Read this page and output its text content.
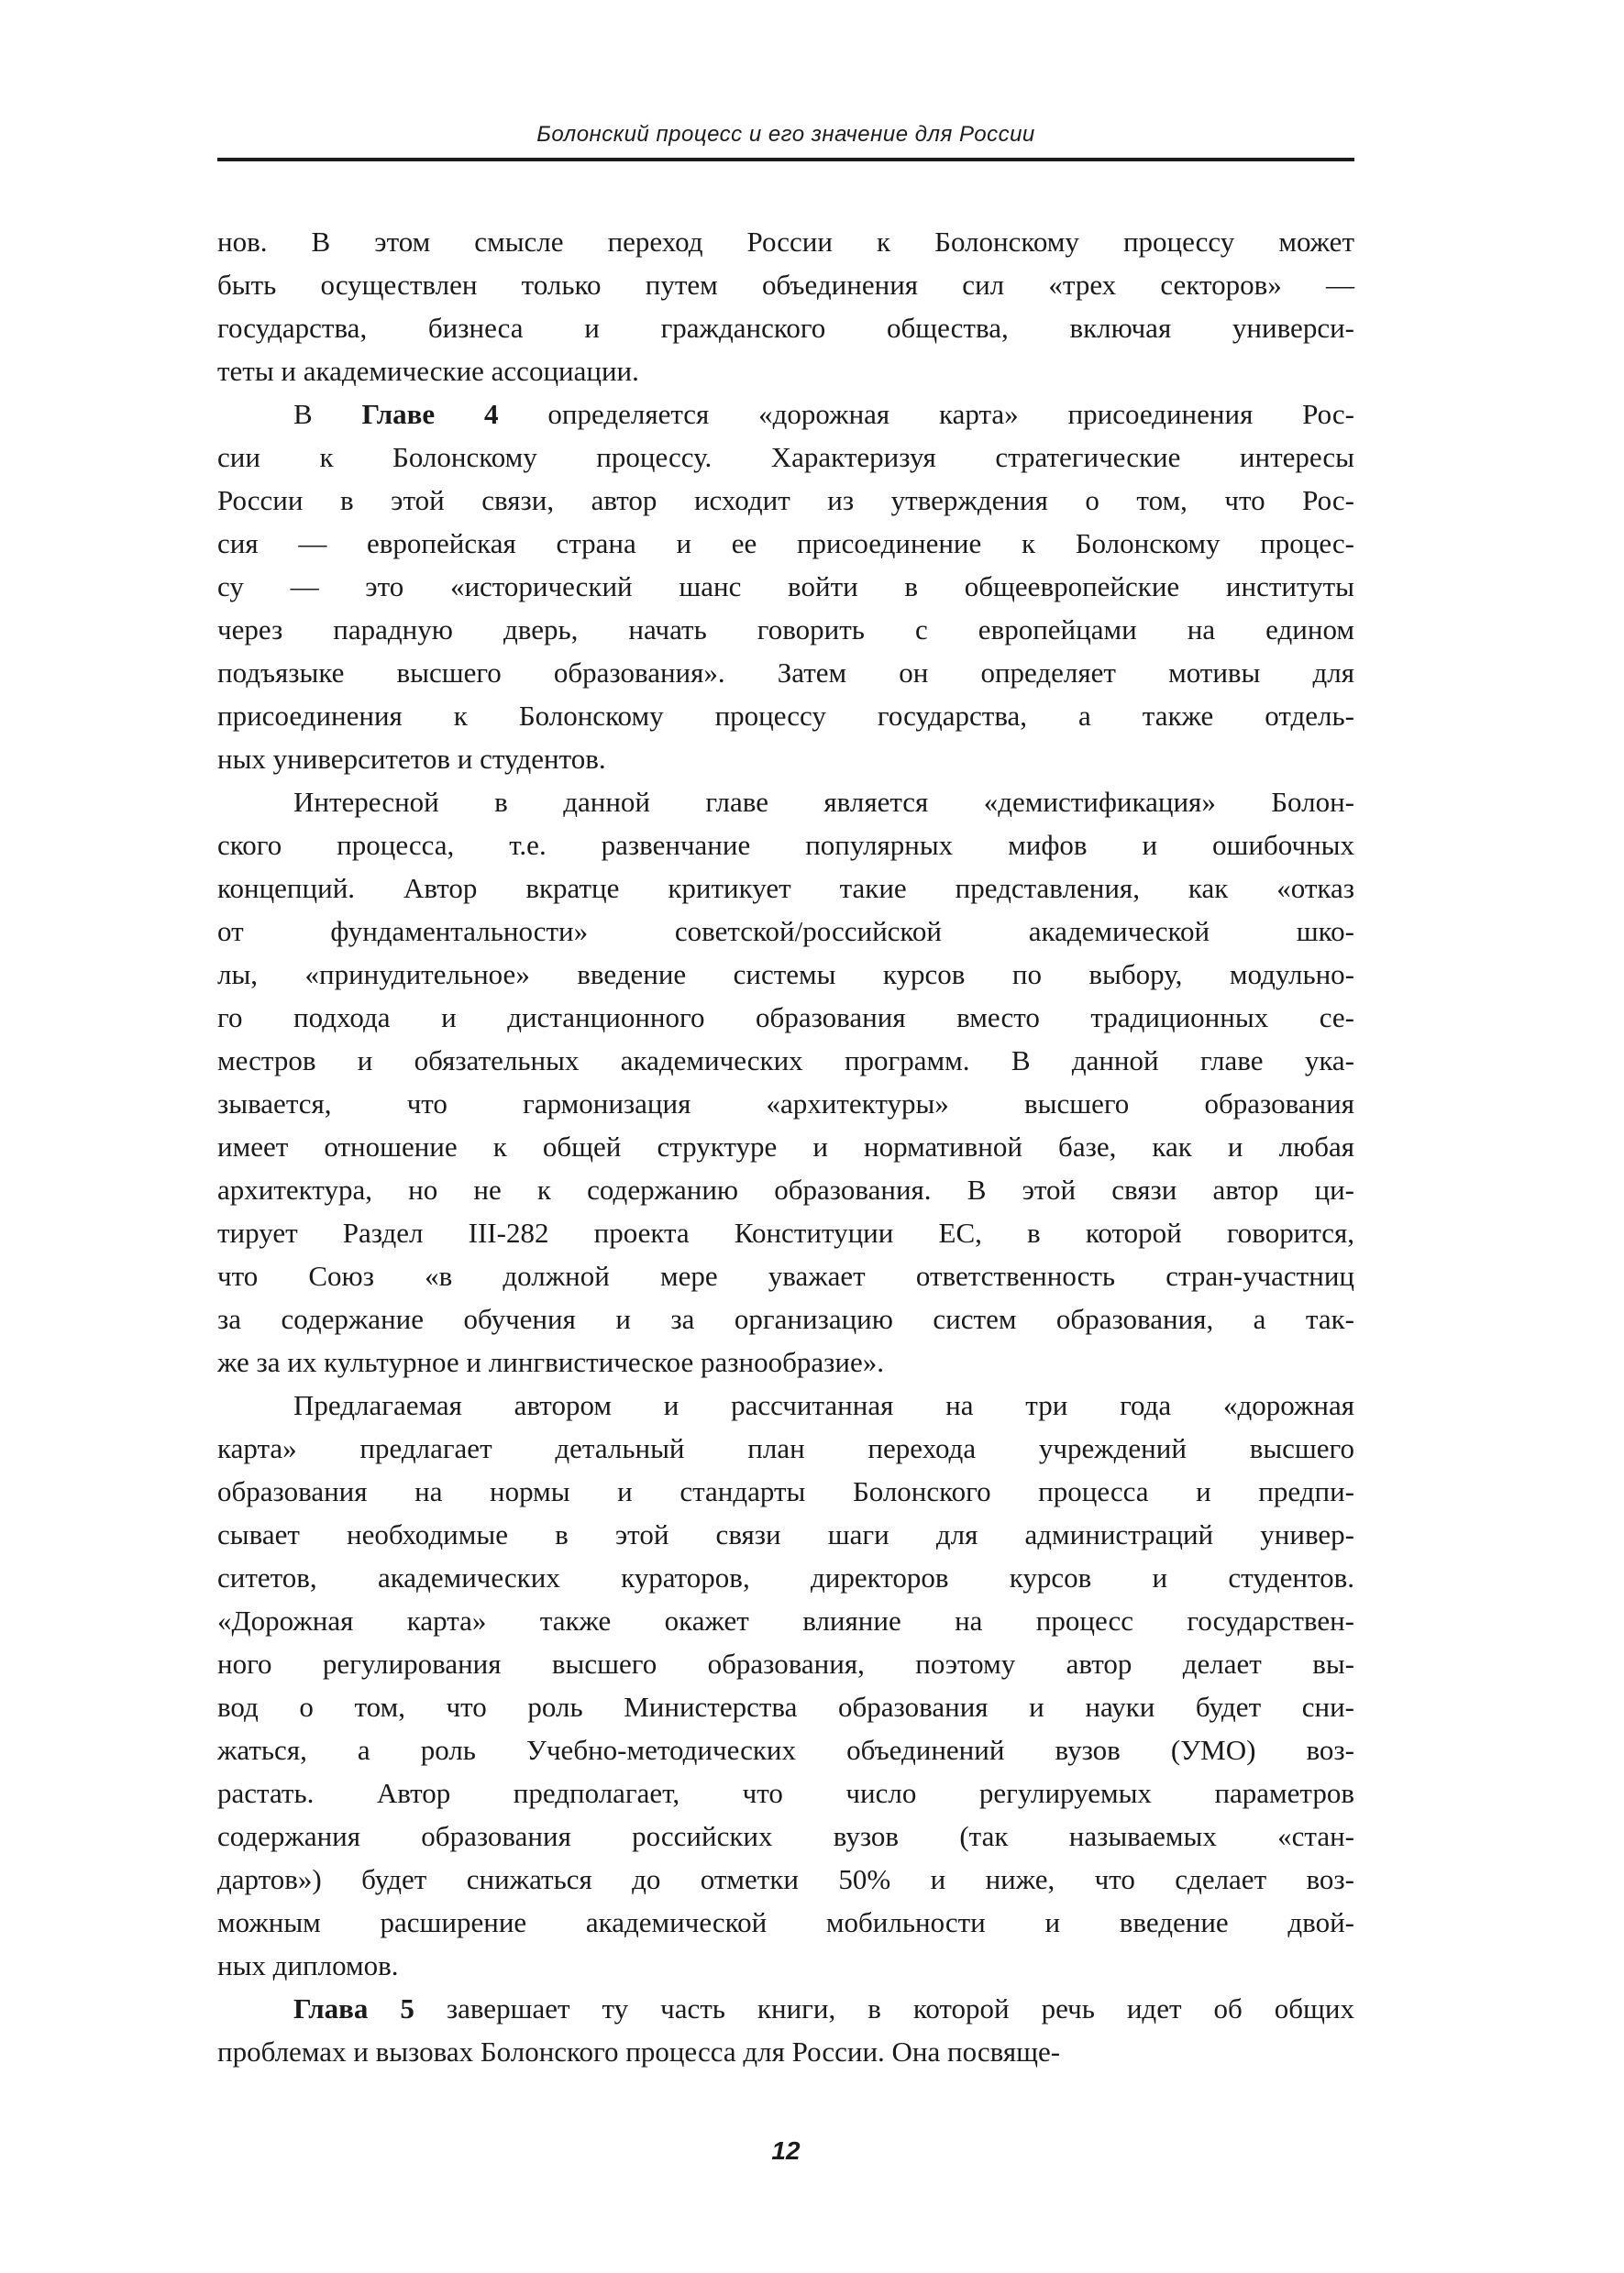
Болонский процесс и его значение для России
нов. В этом смысле переход России к Болонскому процессу может
быть осуществлен только путем объединения сил «трех секторов» —
государства, бизнеса и гражданского общества, включая универси-
теты и академические ассоциации.
В Главе 4 определяется «дорожная карта» присоединения Рос-
сии к Болонскому процессу. Характеризуя стратегические интересы
России в этой связи, автор исходит из утверждения о том, что Рос-
сия — европейская страна и ее присоединение к Болонскому процес-
су — это «исторический шанс войти в общеевропейские институты
через парадную дверь, начать говорить с европейцами на едином
подъязыке высшего образования». Затем он определяет мотивы для
присоединения к Болонскому процессу государства, а также отдель-
ных университетов и студентов.
Интересной в данной главе является «демистификация» Болон-
ского процесса, т.е. развенчание популярных мифов и ошибочных
концепций. Автор вкратце критикует такие представления, как «отказ
от фундаментальности» советской/российской академической шко-
лы, «принудительное» введение системы курсов по выбору, модульно-
го подхода и дистанционного образования вместо традиционных се-
местров и обязательных академических программ. В данной главе ука-
зывается, что гармонизация «архитектуры» высшего образования
имеет отношение к общей структуре и нормативной базе, как и любая
архитектура, но не к содержанию образования. В этой связи автор ци-
тирует Раздел III-282 проекта Конституции ЕС, в которой говорится,
что Союз «в должной мере уважает ответственность стран-участниц
за содержание обучения и за организацию систем образования, а так-
же за их культурное и лингвистическое разнообразие».
Предлагаемая автором и рассчитанная на три года «дорожная
карта» предлагает детальный план перехода учреждений высшего
образования на нормы и стандарты Болонского процесса и предпи-
сывает необходимые в этой связи шаги для администраций универ-
ситетов, академических кураторов, директоров курсов и студентов.
«Дорожная карта» также окажет влияние на процесс государствен-
ного регулирования высшего образования, поэтому автор делает вы-
вод о том, что роль Министерства образования и науки будет сни-
жаться, а роль Учебно-методических объединений вузов (УМО) воз-
растать. Автор предполагает, что число регулируемых параметров
содержания образования российских вузов (так называемых «стан-
дартов») будет снижаться до отметки 50% и ниже, что сделает воз-
можным расширение академической мобильности и введение двой-
ных дипломов.
Глава 5 завершает ту часть книги, в которой речь идет об общих
проблемах и вызовах Болонского процесса для России. Она посвяще-
12
